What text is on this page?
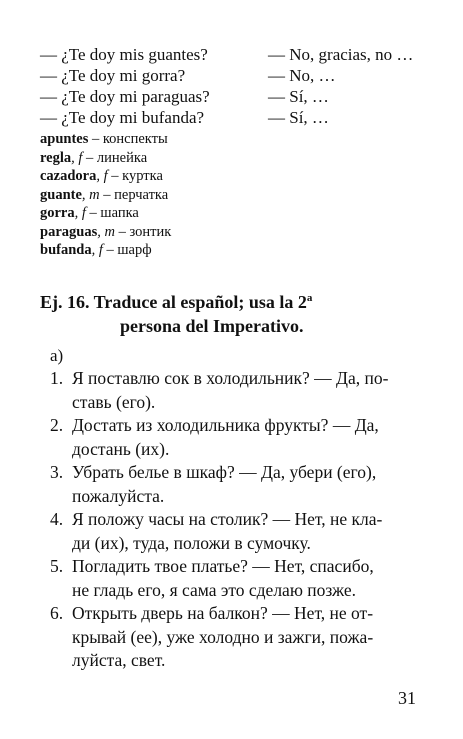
— ¿Te doy mis guantes?	— No, gracias, no …
— ¿Te doy mi gorra?	— No, …
— ¿Te doy mi paraguas?	— Sí, …
— ¿Te doy mi bufanda?	— Sí, …
apuntes – конспекты
regla, f – линейка
cazadora, f – куртка
guante, m – перчатка
gorra, f – шапка
paraguas, m – зонтик
bufanda, f – шарф
Ej. 16. Traduce al español; usa la 2$^a$
persona del Imperativo.
а)
1. Я поставлю сок в холодильник? — Да, по-
ставь (его).
2. Достать из холодильника фрукты? — Да,
достань (их).
3. Убрать белье в шкаф? — Да, убери (его),
пожалуйста.
4. Я положу часы на столик? — Нет, не кла-
ди (их), туда, положи в сумочку.
5. Погладить твое платье? — Нет, спасибо,
не гладь его, я сама это сделаю позже.
6. Открыть дверь на балкон? — Нет, не от-
крывай (ее), уже холодно и зажги, пожа-
луйста, свет.
31
